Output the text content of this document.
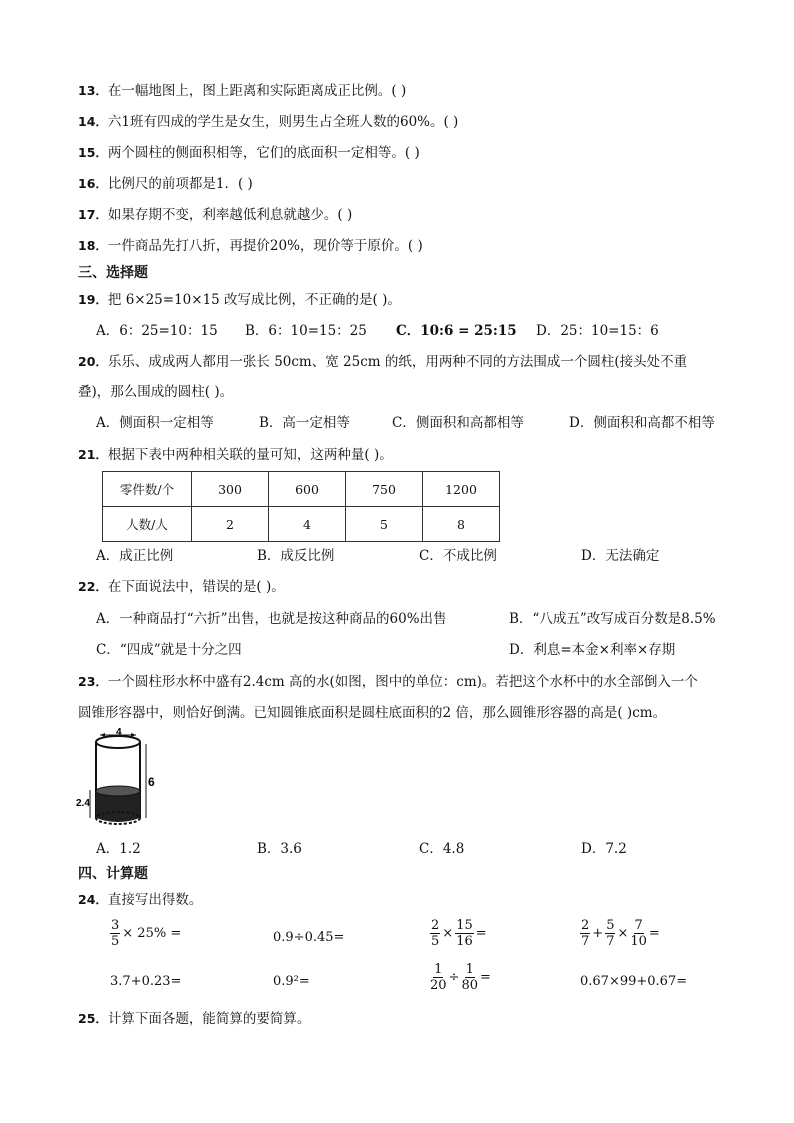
13．在一幅地图上，图上距离和实际距离成正比例。( )
14．六1班有四成的学生是女生，则男生占全班人数的60%。( )
15．两个圆柱的侧面积相等，它们的底面积一定相等。( )
16．比例尺的前项都是1．( )
17．如果存期不变，利率越低利息就越少。( )
18．一件商品先打八折，再提价20%，现价等于原价。( )
三、选择题
19．把 6×25=10×15 改写成比例，不正确的是( )。
A．6：25=10：15 B．6：10=15：25 C．10:6 = 25:15 D．25：10=15：6
20．乐乐、成成两人都用一张长 50cm、宽 25cm 的纸，用两种不同的方法围成一个圆柱(接头处不重
叠)，那么围成的圆柱( )。
A．侧面积一定相等	B．高一定相等	C．侧面积和高都相等	D．侧面积和高都不相等
21．根据下表中两种相关联的量可知，这两种量( )。
零件数/个	300	600	750	1200
人数/人	2	4	5	8
A．成正比例	B．成反比例	C．不成比例	D．无法确定
22．在下面说法中，错误的是( )。
A．一种商品打“六折”出售，也就是按这种商品的60%出售	B．“八成五”改写成百分数是8.5%
C．“四成”就是十分之四	D．利息=本金×利率×存期
23．一个圆柱形水杯中盛有2.4cm 高的水(如图，图中的单位：cm)。若把这个水杯中的水全部倒入一个
圆锥形容器中，则恰好倒满。已知圆锥底面积是圆柱底面积的2 倍，那么圆锥形容器的高是( )cm。
4
6
2.4
A．1.2	B．3.6	C．4.8	D．7.2
四、计算题
24．直接写出得数。
$\frac{3}{5} \times 25\%$ =	0.9÷0.45=	$\frac{2}{5} \times \frac{15}{16}$ =	$\frac{2}{7} + \frac{5}{7} \times \frac{7}{10}$ =
3.7+0.23=	0.9²=	$\frac{1}{20} \div \frac{1}{80}$ =	0.67×99+0.67=
25．计算下面各题，能简算的要简算。
